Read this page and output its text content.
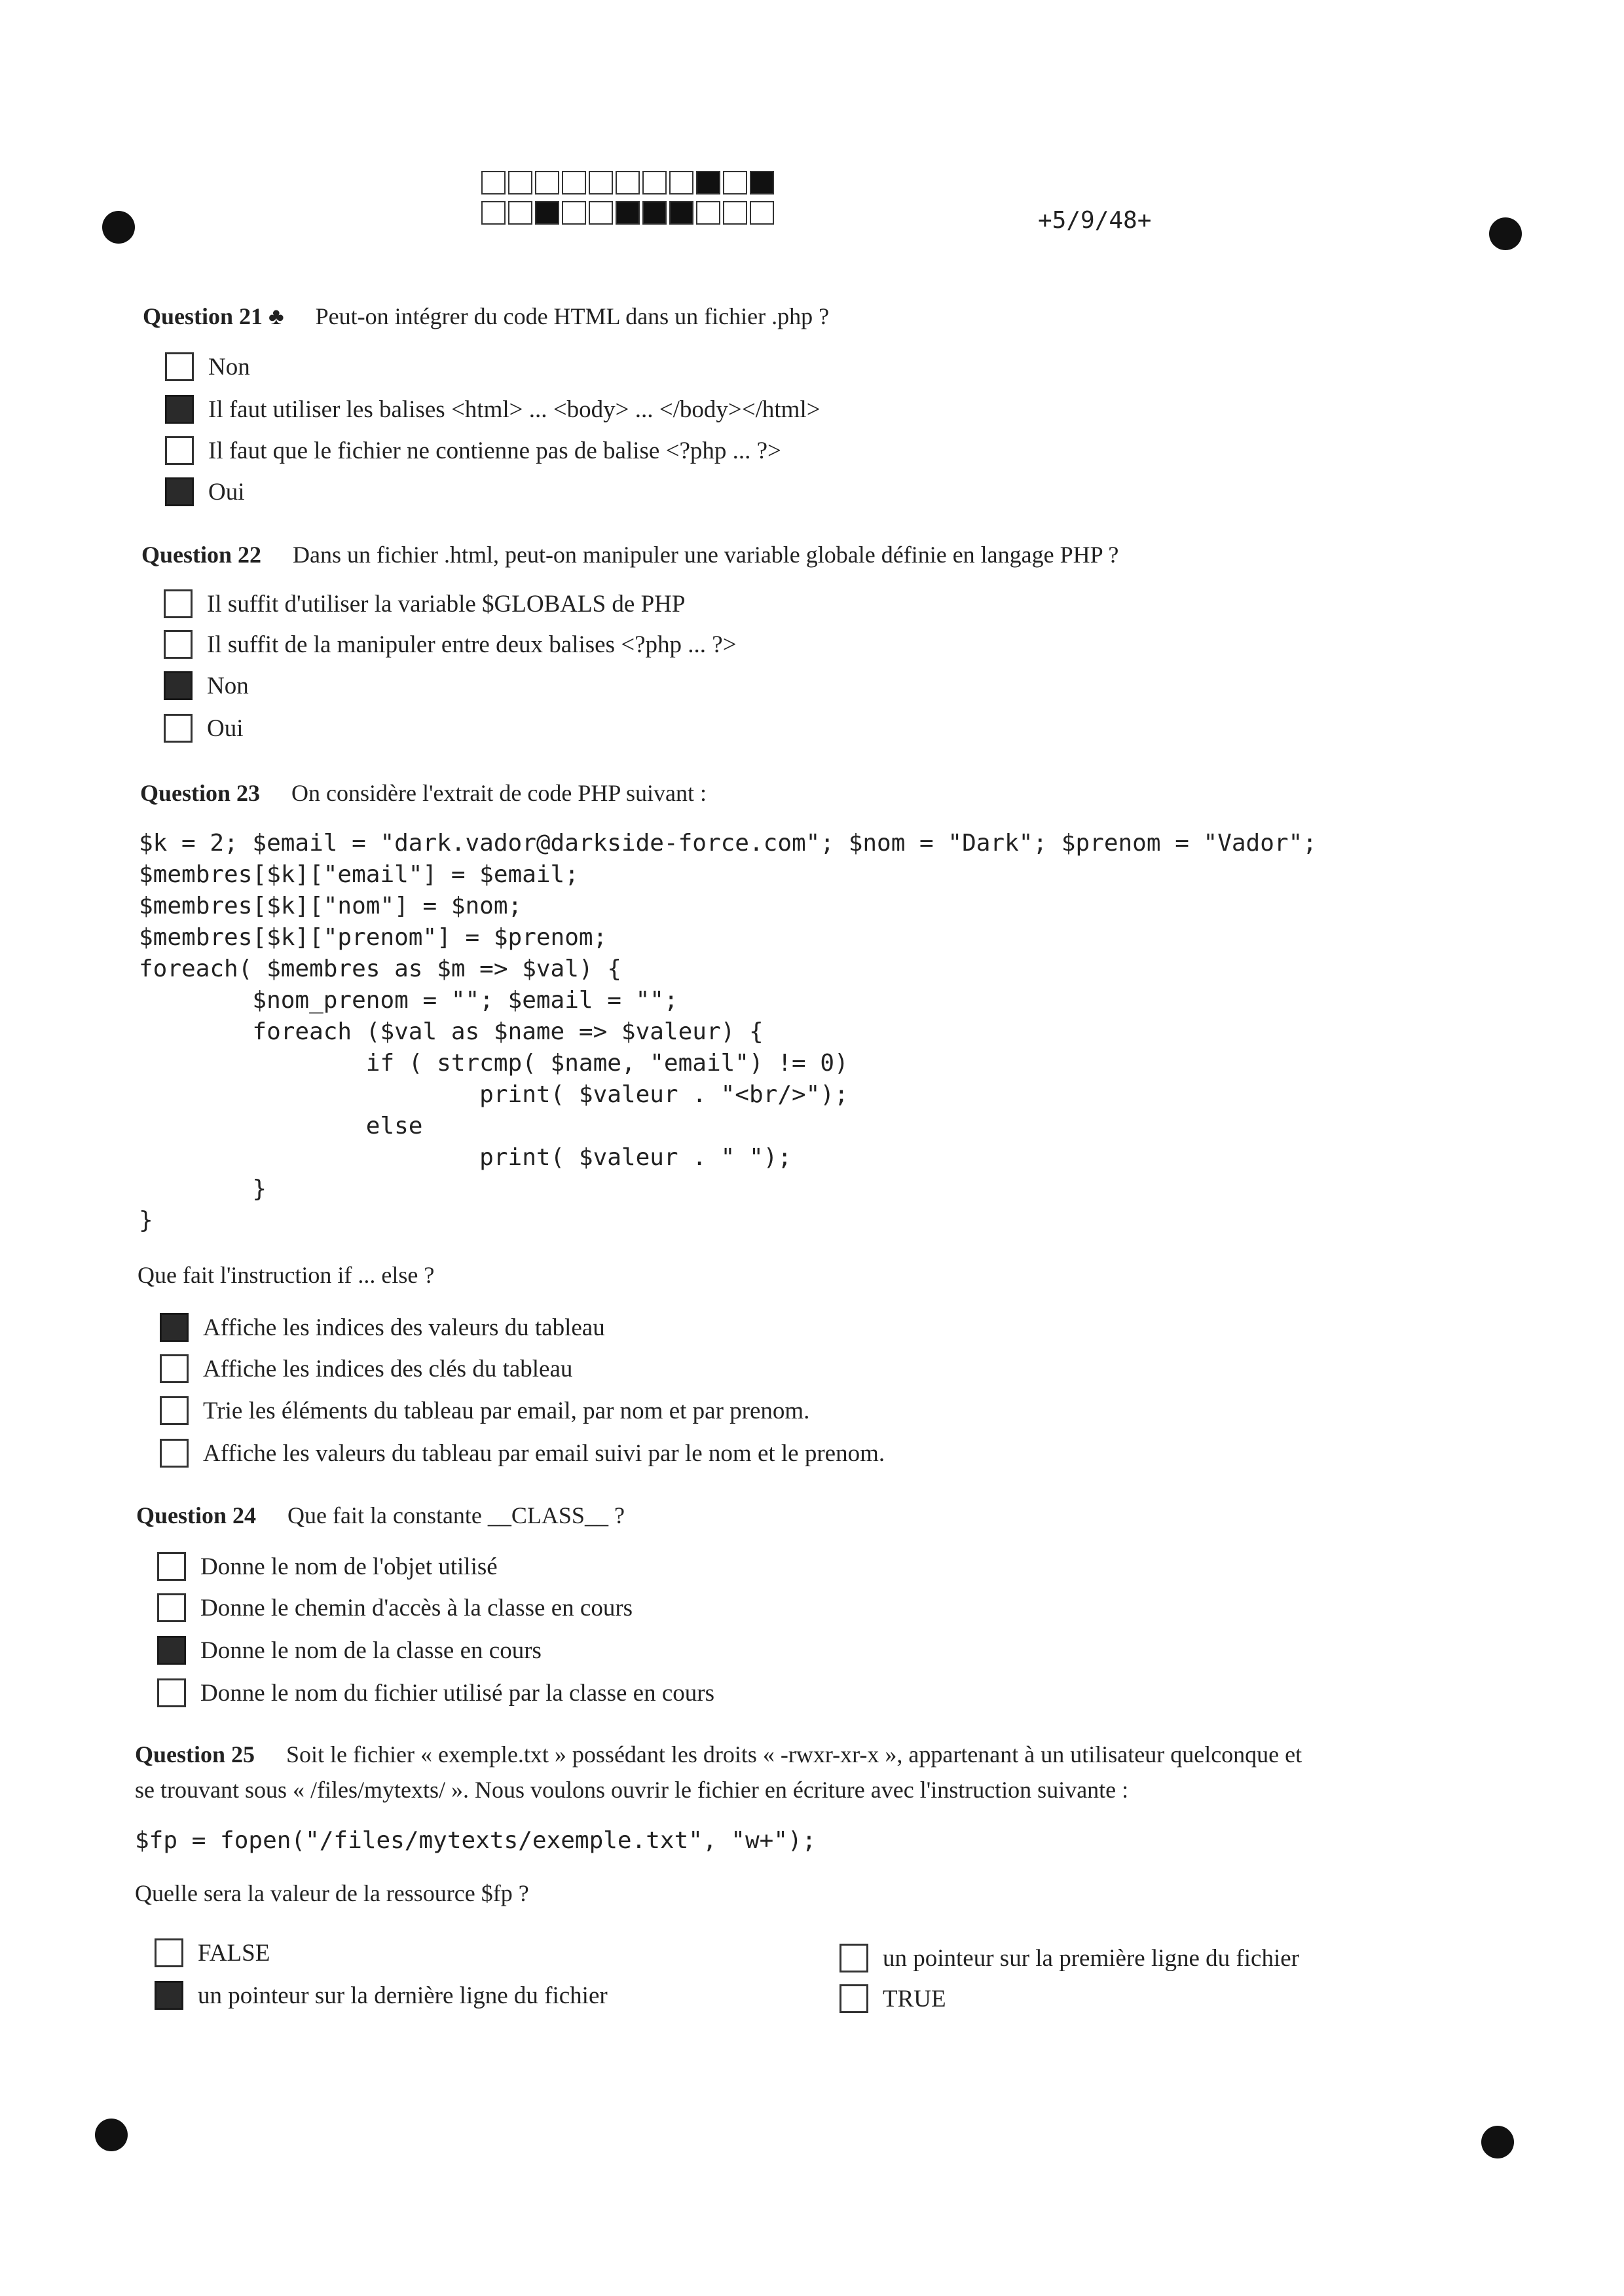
+5/9/48+
Question 21 ♣ Peut-on intégrer du code HTML dans un fichier .php ?
Non
Il faut utiliser les balises <html> ... <body> ... </body></html>
Il faut que le fichier ne contienne pas de balise <?php ... ?>
Oui
Question 22 Dans un fichier .html, peut-on manipuler une variable globale définie en langage PHP ?
Il suffit d'utiliser la variable $GLOBALS de PHP
Il suffit de la manipuler entre deux balises <?php ... ?>
Non
Oui
Question 23 On considère l'extrait de code PHP suivant :
$k = 2; $email = "dark.vador@darkside-force.com"; $nom = "Dark"; $prenom = "Vador";
$membres[$k]["email"] = $email;
$membres[$k]["nom"] = $nom;
$membres[$k]["prenom"] = $prenom;
foreach( $membres as $m => $val) {
$nom_prenom = ""; $email = "";
foreach ($val as $name => $valeur) {
if ( strcmp( $name, "email") != 0)
print( $valeur . "<br/>");
else
print( $valeur . " ");
}
}
Que fait l'instruction if ... else ?
Affiche les indices des valeurs du tableau
Affiche les indices des clés du tableau
Trie les éléments du tableau par email, par nom et par prenom.
Affiche les valeurs du tableau par email suivi par le nom et le prenom.
Question 24 Que fait la constante __CLASS__ ?
Donne le nom de l'objet utilisé
Donne le chemin d'accès à la classe en cours
Donne le nom de la classe en cours
Donne le nom du fichier utilisé par la classe en cours
Question 25 Soit le fichier « exemple.txt » possédant les droits « -rwxr-xr-x », appartenant à un utilisateur quelconque et
se trouvant sous « /files/mytexts/ ». Nous voulons ouvrir le fichier en écriture avec l'instruction suivante :
$fp = fopen("/files/mytexts/exemple.txt", "w+");
Quelle sera la valeur de la ressource $fp ?
FALSE
un pointeur sur la dernière ligne du fichier
un pointeur sur la première ligne du fichier
TRUE
